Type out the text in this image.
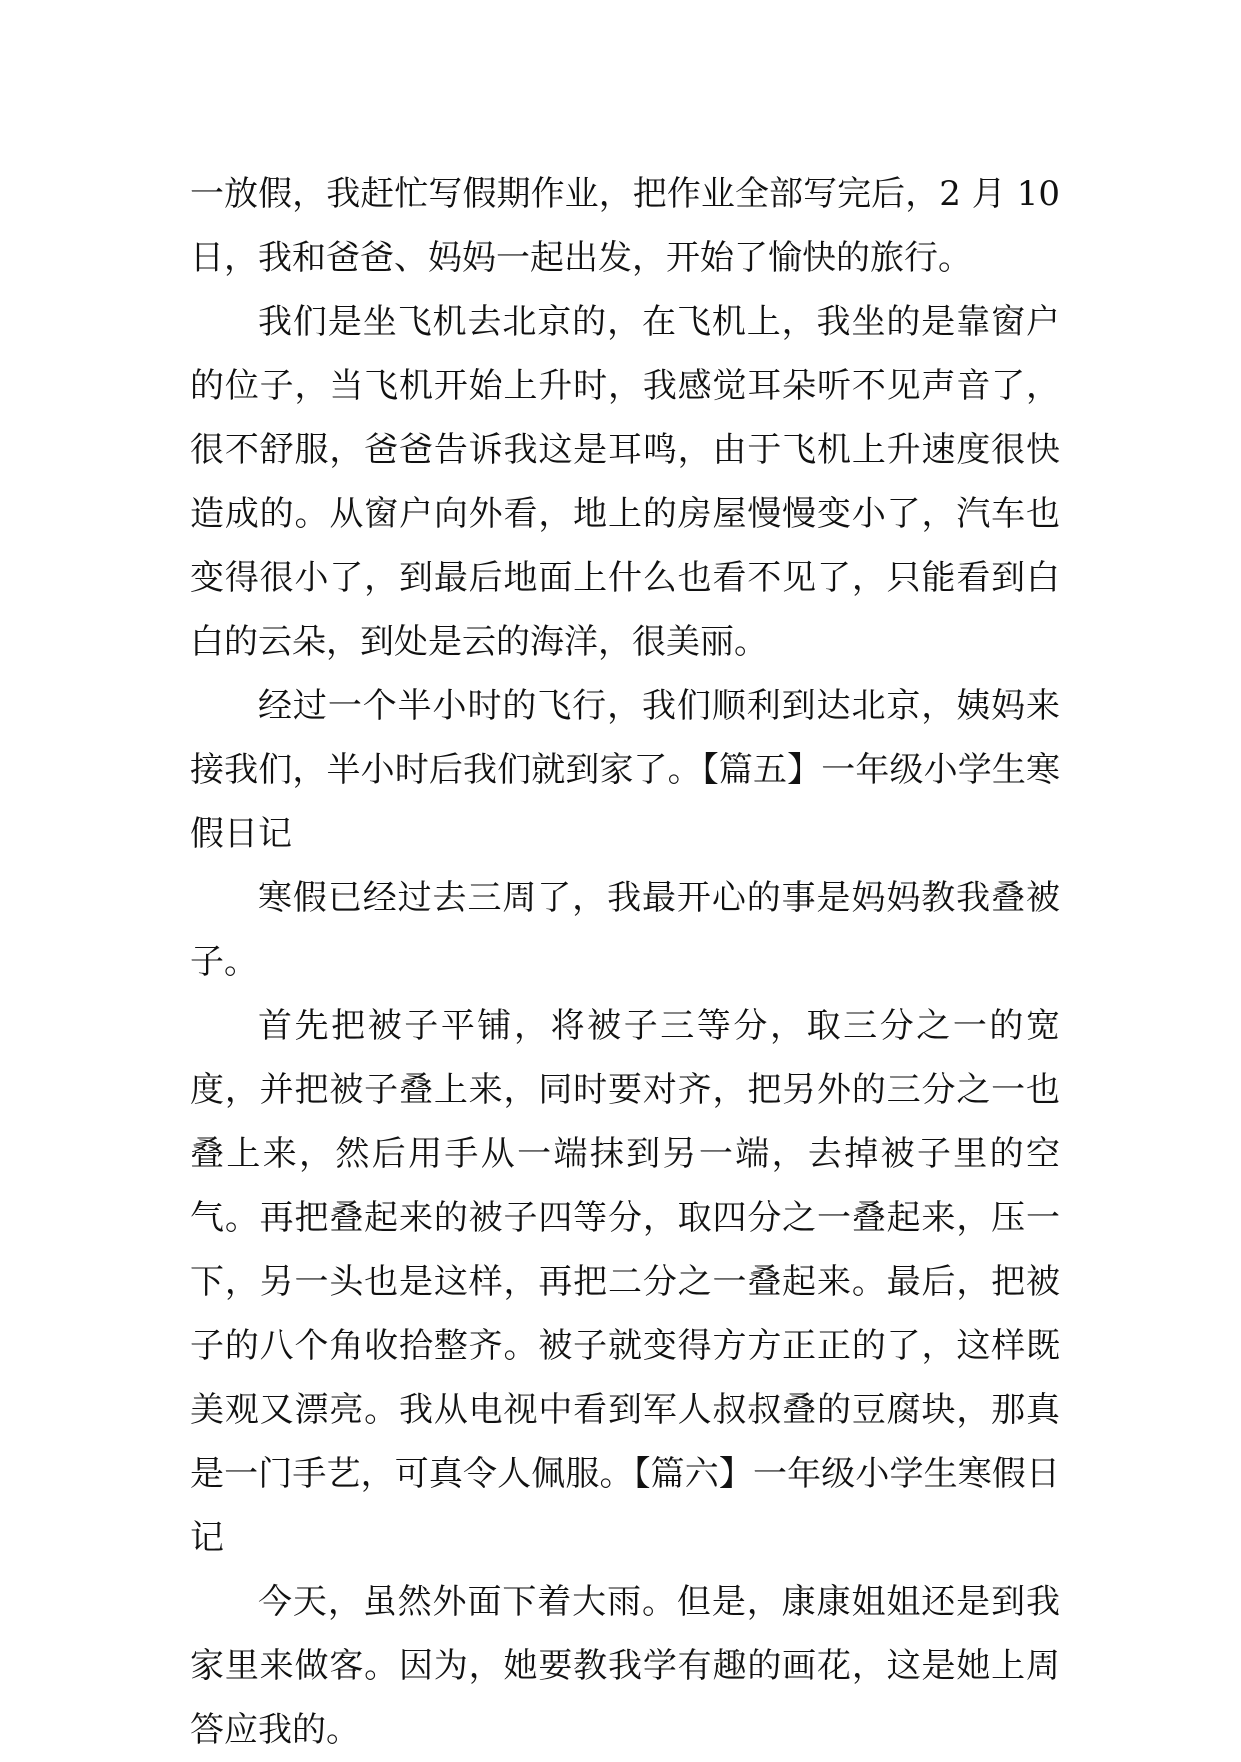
一放假，我赶忙写假期作业，把作业全部写完后，2 月 10 日，我和爸爸、妈妈一起出发，开始了愉快的旅行。

我们是坐飞机去北京的，在飞机上，我坐的是靠窗户的位子，当飞机开始上升时，我感觉耳朵听不见声音了，很不舒服，爸爸告诉我这是耳鸣，由于飞机上升速度很快造成的。从窗户向外看，地上的房屋慢慢变小了，汽车也变得很小了，到最后地面上什么也看不见了，只能看到白白的云朵，到处是云的海洋，很美丽。

经过一个半小时的飞行，我们顺利到达北京，姨妈来接我们，半小时后我们就到家了。【篇五】一年级小学生寒假日记

寒假已经过去三周了，我最开心的事是妈妈教我叠被子。

首先把被子平铺，将被子三等分，取三分之一的宽度，并把被子叠上来，同时要对齐，把另外的三分之一也叠上来，然后用手从一端抹到另一端，去掉被子里的空气。再把叠起来的被子四等分，取四分之一叠起来，压一下，另一头也是这样，再把二分之一叠起来。最后，把被子的八个角收拾整齐。被子就变得方方正正的了，这样既美观又漂亮。我从电视中看到军人叔叔叠的豆腐块，那真是一门手艺，可真令人佩服。【篇六】一年级小学生寒假日记

今天，虽然外面下着大雨。但是，康康姐姐还是到我家里来做客。因为，她要教我学有趣的画花，这是她上周答应我的。
